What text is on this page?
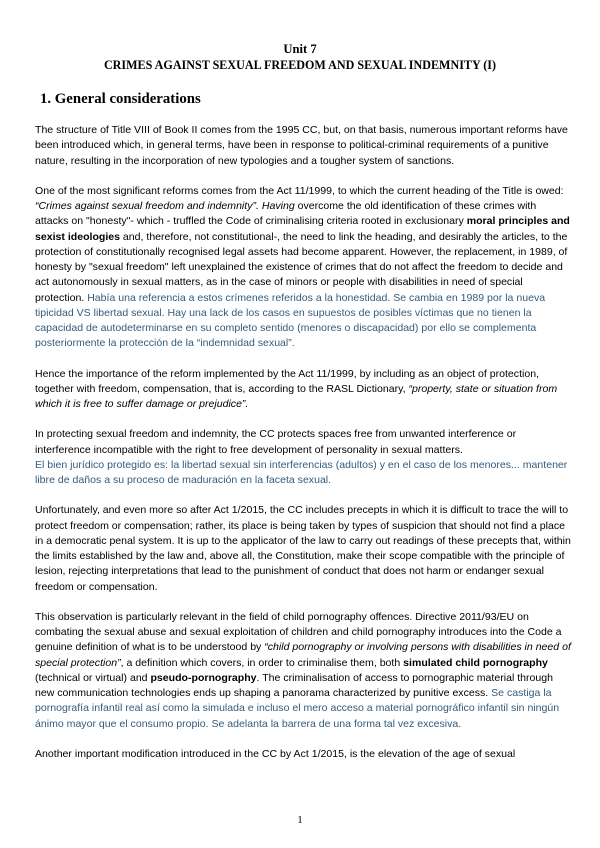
Unit 7
CRIMES AGAINST SEXUAL FREEDOM AND SEXUAL INDEMNITY (I)
1. General considerations

The structure of Title VIII of Book II comes from the 1995 CC, but, on that basis, numerous important reforms have been introduced which, in general terms, have been in response to political-criminal requirements of a punitive nature, resulting in the incorporation of new typologies and a tougher system of sanctions.

One of the most significant reforms comes from the Act 11/1999, to which the current heading of the Title is owed: “Crimes against sexual freedom and indemnity”. Having overcome the old identification of these crimes with attacks on "honesty"- which - truffled the Code of criminalising criteria rooted in exclusionary moral principles and sexist ideologies and, therefore, not constitutional-, the need to link the heading, and desirably the articles, to the protection of constitutionally recognised legal assets had become apparent. However, the replacement, in 1989, of honesty by "sexual freedom" left unexplained the existence of crimes that do not affect the freedom to decide and act autonomously in sexual matters, as in the case of minors or people with disabilities in need of special protection. Había una referencia a estos crímenes referidos a la honestidad. Se cambia en 1989 por la nueva tipicidad VS libertad sexual. Hay una lack de los casos en supuestos de posibles víctimas que no tienen la capacidad de autodeterminarse en su completo sentido (menores o discapacidad) por ello se complementa posteriormente la protección de la “indemnidad sexual”.

Hence the importance of the reform implemented by the Act 11/1999, by including as an object of protection, together with freedom, compensation, that is, according to the RASL Dictionary, “property, state or situation from which it is free to suffer damage or prejudice”.

In protecting sexual freedom and indemnity, the CC protects spaces free from unwanted interference or interference incompatible with the right to free development of personality in sexual matters.
El bien jurídico protegido es: la libertad sexual sin interferencias (adultos) y en el caso de los menores... mantener libre de daños a su proceso de maduración en la faceta sexual.

Unfortunately, and even more so after Act 1/2015, the CC includes precepts in which it is difficult to trace the will to protect freedom or compensation; rather, its place is being taken by types of suspicion that should not find a place in a democratic penal system. It is up to the applicator of the law to carry out readings of these precepts that, within the limits established by the law and, above all, the Constitution, make their scope compatible with the principle of lesion, rejecting interpretations that lead to the punishment of conduct that does not harm or endanger sexual freedom or compensation.

This observation is particularly relevant in the field of child pornography offences. Directive 2011/93/EU on combating the sexual abuse and sexual exploitation of children and child pornography introduces into the Code a genuine definition of what is to be understood by “child pornography or involving persons with disabilities in need of special protection”, a definition which covers, in order to criminalise them, both simulated child pornography (technical or virtual) and pseudo-pornography. The criminalisation of access to pornographic material through new communication technologies ends up shaping a panorama characterized by punitive excess. Se castiga la pornografía infantil real así como la simulada e incluso el mero acceso a material pornográfico infantil sin ningún ánimo mayor que el consumo propio. Se adelanta la barrera de una forma tal vez excesiva.

Another important modification introduced in the CC by Act 1/2015, is the elevation of the age of sexual

1
